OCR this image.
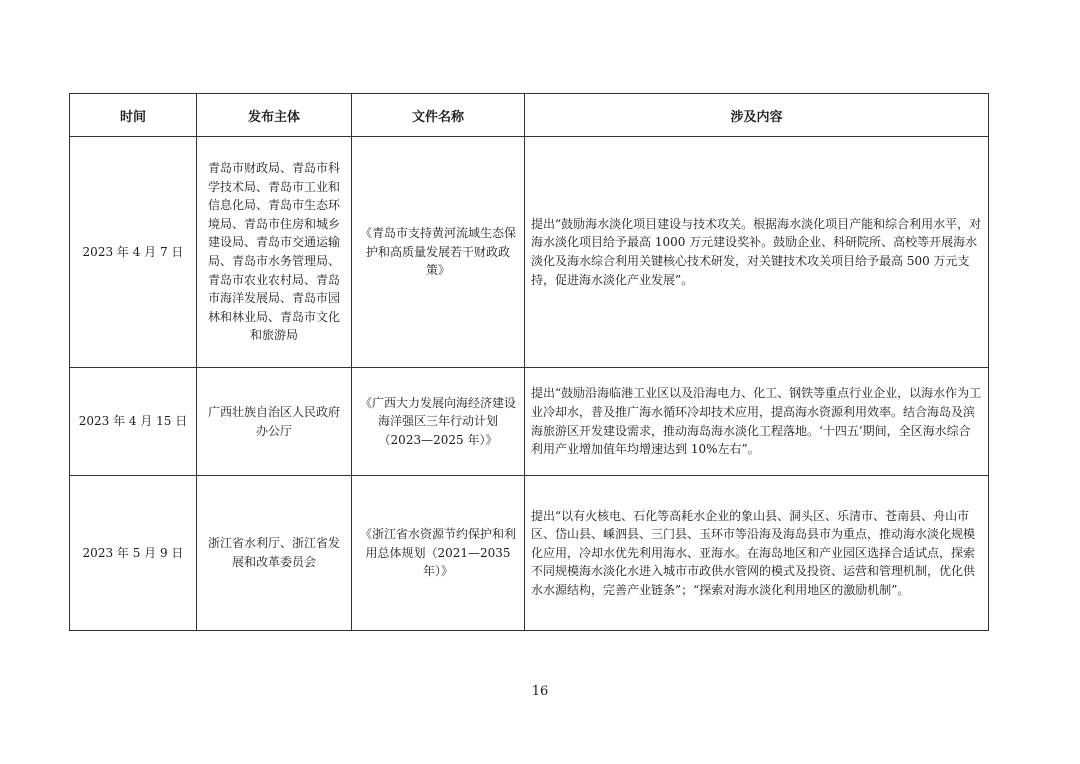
时间	发布主体	文件名称	涉及内容
2023 年 4 月 7 日	青岛市财政局、青岛市科学技术局、青岛市工业和信息化局、青岛市生态环境局、青岛市住房和城乡建设局、青岛市交通运输局、青岛市水务管理局、青岛市农业农村局、青岛市海洋发展局、青岛市园林和林业局、青岛市文化和旅游局	《青岛市支持黄河流域生态保护和高质量发展若干财政政策》	提出“鼓励海水淡化项目建设与技术攻关。根据海水淡化项目产能和综合利用水平，对海水淡化项目给予最高 1000 万元建设奖补。鼓励企业、科研院所、高校等开展海水淡化及海水综合利用关键核心技术研发，对关键技术攻关项目给予最高 500 万元支持，促进海水淡化产业发展”。
2023 年 4 月 15 日	广西壮族自治区人民政府办公厅	《广西大力发展向海经济建设海洋强区三年行动计划（2023—2025 年）》	提出“鼓励沿海临港工业区以及沿海电力、化工、钢铁等重点行业企业，以海水作为工业冷却水，普及推广海水循环冷却技术应用，提高海水资源利用效率。结合海岛及滨海旅游区开发建设需求，推动海岛海水淡化工程落地。‘十四五’期间，全区海水综合利用产业增加值年均增速达到 10%左右”。
2023 年 5 月 9 日	浙江省水利厅、浙江省发展和改革委员会	《浙江省水资源节约保护和利用总体规划（2021—2035 年）》	提出“以有火核电、石化等高耗水企业的象山县、洞头区、乐清市、苍南县、舟山市区、岱山县、嵊泗县、三门县、玉环市等沿海及海岛县市为重点，推动海水淡化规模化应用，冷却水优先利用海水、亚海水。在海岛地区和产业园区选择合适试点，探索不同规模海水淡化水进入城市市政供水管网的模式及投资、运营和管理机制，优化供水水源结构，完善产业链条”；“探索对海水淡化利用地区的激励机制”。
16
